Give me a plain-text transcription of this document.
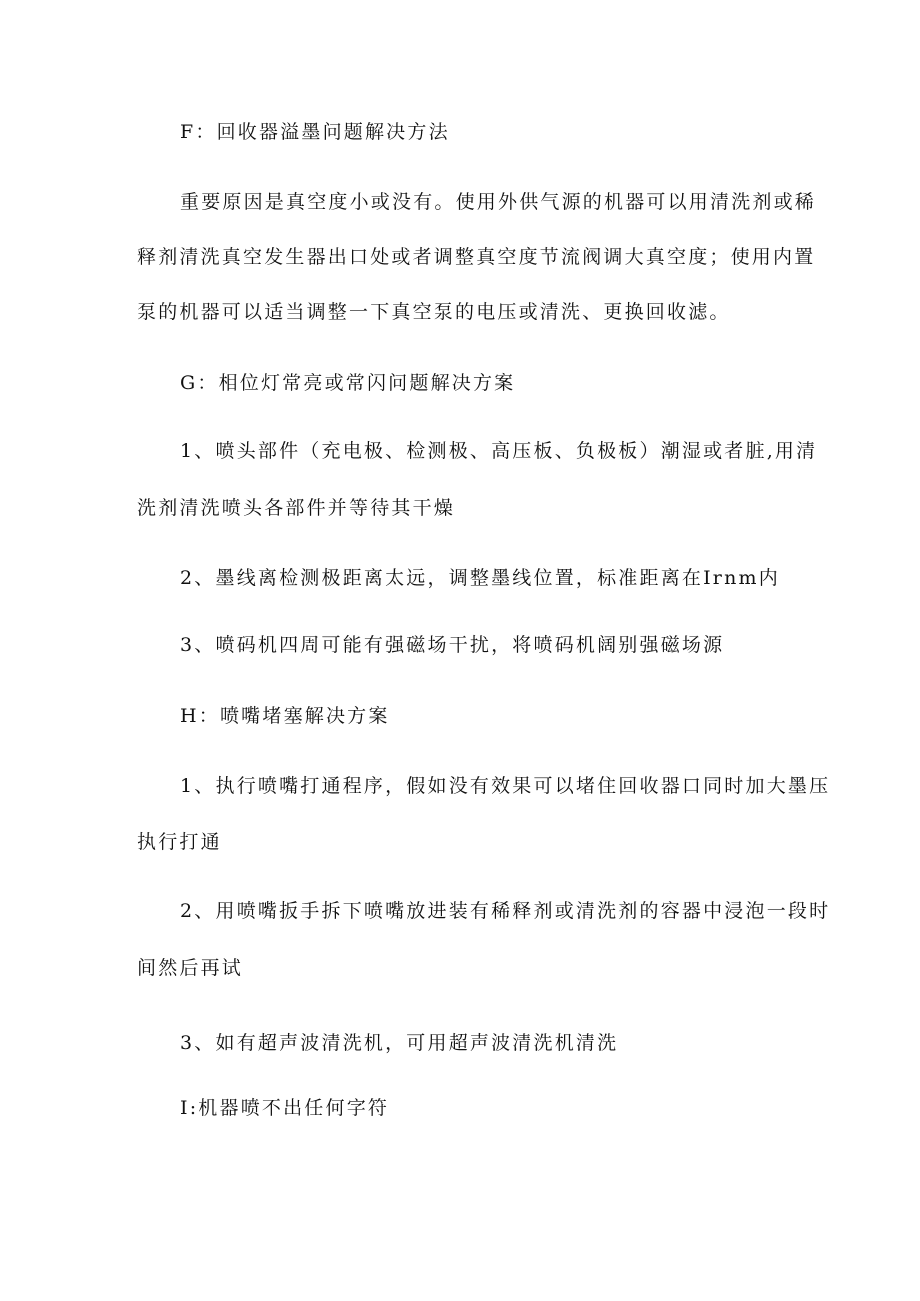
F：回收器溢墨问题解决方法
重要原因是真空度小或没有。使用外供气源的机器可以用清洗剂或稀
释剂清洗真空发生器出口处或者调整真空度节流阀调大真空度；使用内置
泵的机器可以适当调整一下真空泵的电压或清洗、更换回收滤。
G：相位灯常亮或常闪问题解决方案
1、喷头部件（充电极、检测极、高压板、负极板）潮湿或者脏,用清
洗剂清洗喷头各部件并等待其干燥
2、墨线离检测极距离太远，调整墨线位置，标准距离在Irnm内
3、喷码机四周可能有强磁场干扰，将喷码机阔别强磁场源
H：喷嘴堵塞解决方案
1、执行喷嘴打通程序，假如没有效果可以堵住回收器口同时加大墨压
执行打通
2、用喷嘴扳手拆下喷嘴放进装有稀释剂或清洗剂的容器中浸泡一段时
间然后再试
3、如有超声波清洗机，可用超声波清洗机清洗
I:机器喷不出任何字符
